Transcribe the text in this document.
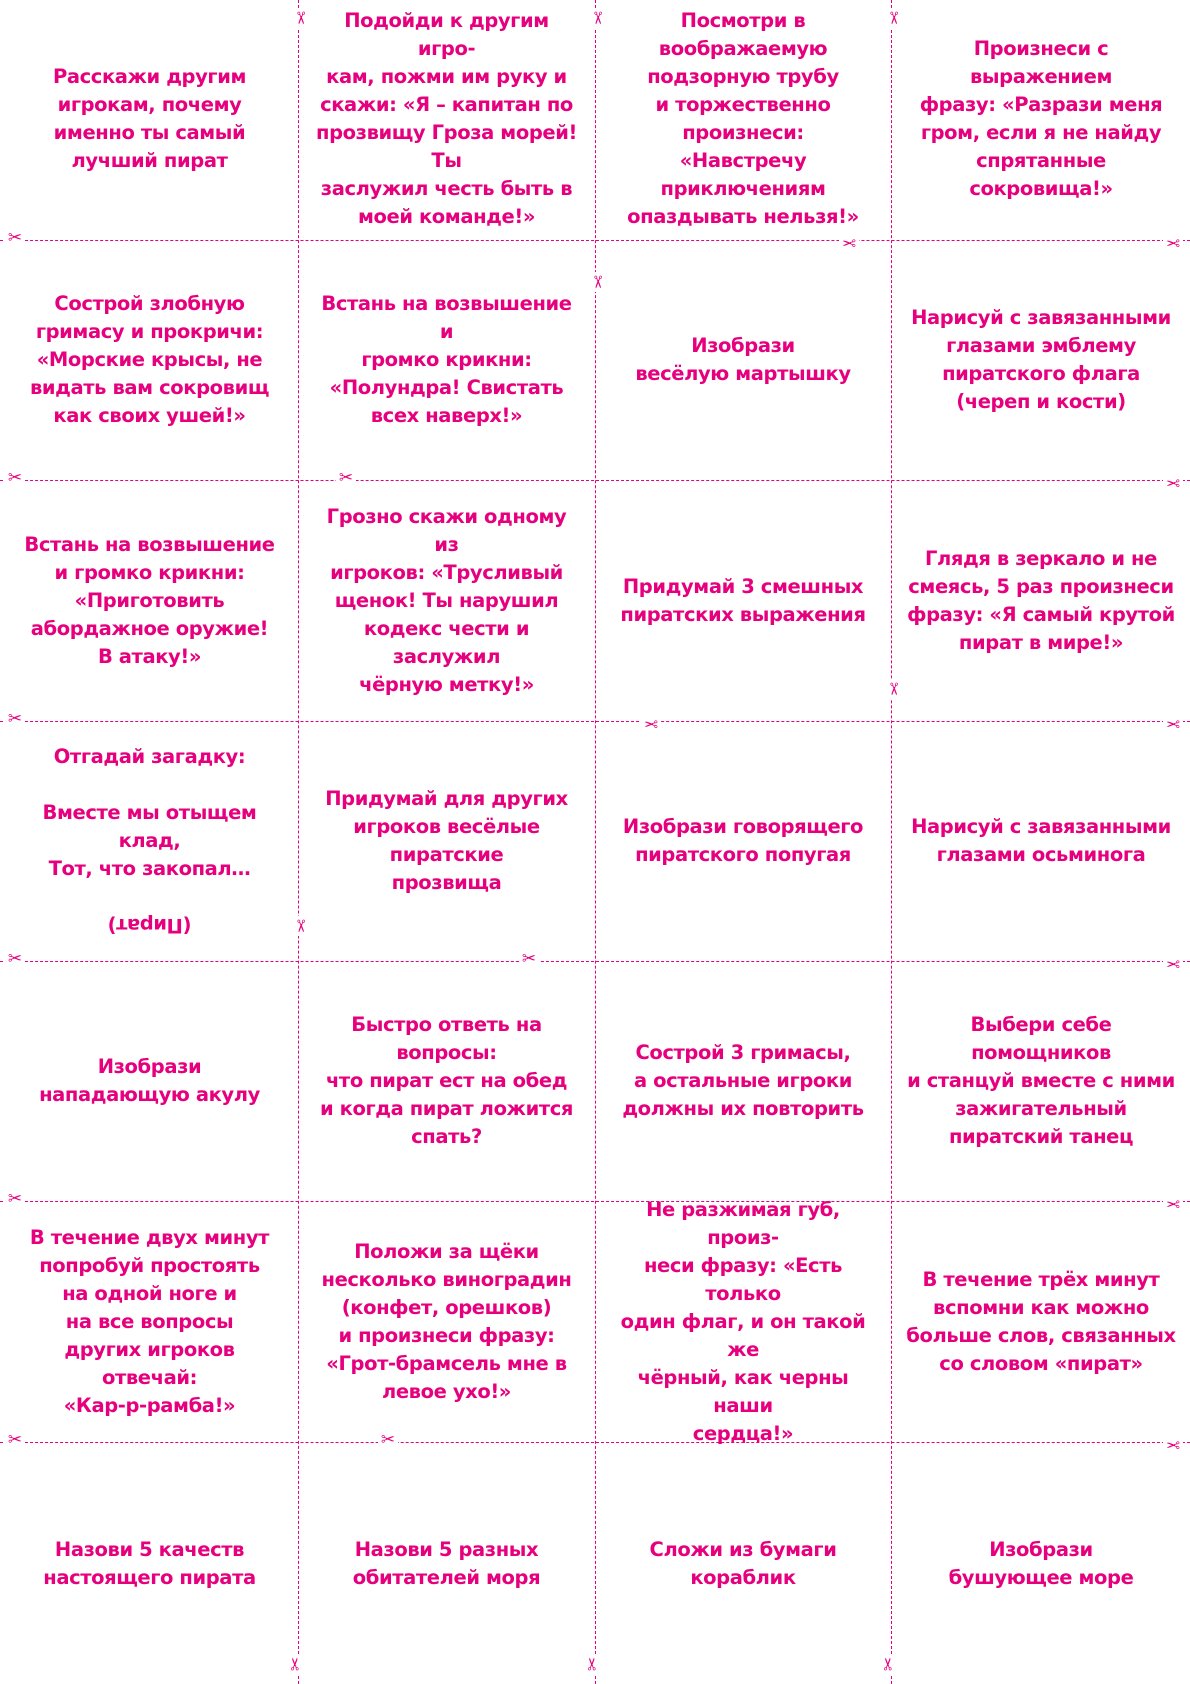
Расскажи другим
игрокам, почему
именно ты самый
лучший пират
Подойди к другим игро-
кам, пожми им руку и
скажи: «Я – капитан по
прозвищу Гроза морей! Ты
заслужил честь быть в
моей команде!»
Посмотри в воображаемую
подзорную трубу
и торжественно произнеси:
«Навстречу приключениям
опаздывать нельзя!»
Произнеси с выражением
фразу: «Разрази меня
гром, если я не найду
спрятанные сокровища!»
Сострой злобную
гримасу и прокричи:
«Морские крысы, не
видать вам сокровищ
как своих ушей!»
Встань на возвышение и
громко крикни:
«Полундра! Свистать
всех наверх!»
Изобрази
весёлую мартышку
Нарисуй с завязанными
глазами эмблему
пиратского флага
(череп и кости)
Встань на возвышение
и громко крикни:
«Приготовить
абордажное оружие!
В атаку!»
Грозно скажи одному из
игроков: «Трусливый
щенок! Ты нарушил
кодекс чести и заслужил
чёрную метку!»
Придумай 3 смешных
пиратских выражения
Глядя в зеркало и не
смеясь, 5 раз произнеси
фразу: «Я самый крутой
пират в мире!»
Отгадай загадку:

Вместе мы отыщем клад,
Тот, что закопал…

(Пират)
Придумай для других
игроков весёлые пиратские
прозвища
Изобрази говорящего
пиратского попугая
Нарисуй с завязанными
глазами осьминога
Изобрази
нападающую акулу
Быстро ответь на вопросы:
что пират ест на обед
и когда пират ложится
спать?
Сострой 3 гримасы,
а остальные игроки
должны их повторить
Выбери себе помощников
и станцуй вместе с ними
зажигательный
пиратский танец
В течение двух минут
попробуй простоять
на одной ноге и
на все вопросы
других игроков отвечай:
«Кар-р-рамба!»
Положи за щёки
несколько виноградин
(конфет, орешков)
и произнеси фразу:
«Грот-брамсель мне в
левое ухо!»
Не разжимая губ, произ-
неси фразу: «Есть только
один флаг, и он такой же
чёрный, как черны наши
сердца!»
В течение трёх минут
вспомни как можно
больше слов, связанных
со словом «пират»
Назови 5 качеств
настоящего пирата
Назови 5 разных
обитателей моря
Сложи из бумаги кораблик
Изобрази
бушующее море
✂	✂	✂
✂
✂
✂
✂	✂	✂
✂	✂	✂
✂	✂	✂
✂	✂	✂
✂	✂	✂
✂	✂
✂	✂	✂
